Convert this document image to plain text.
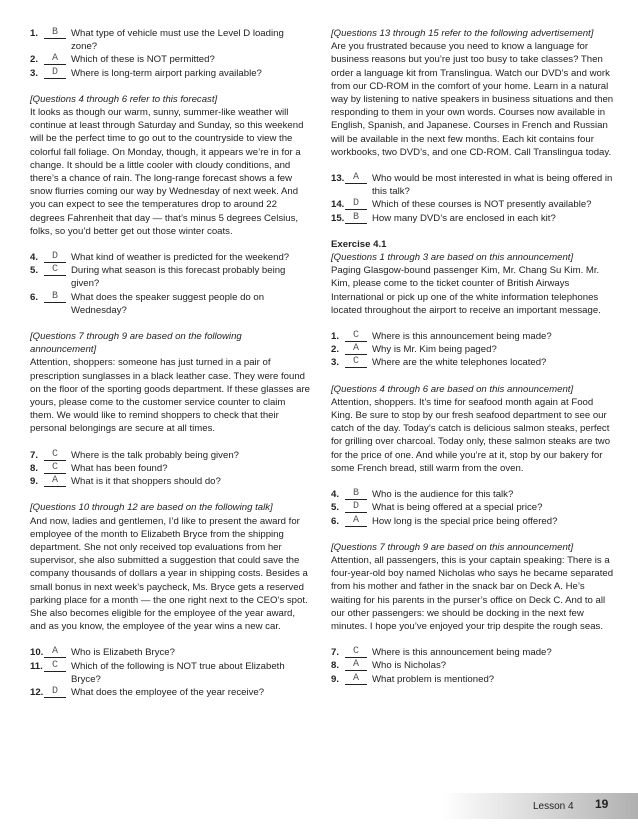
1.	B	What type of vehicle must use the Level D loading zone?
2.	A	Which of these is NOT permitted?
3.	D	Where is long-term airport parking available?

[Questions 4 through 6 refer to this forecast]

It looks as though our warm, sunny, summer-like weather will continue at least through Saturday and Sunday, so this weekend will be the perfect time to go out to the countryside to view the colorful fall foliage. On Monday, though, it appears we’re in for a change. It should be a little cooler with cloudy conditions, and there’s a chance of rain. The long-range forecast shows a few snow flurries coming our way by Wednesday of next week. And you can expect to see the temperatures drop to around 22 degrees Fahrenheit that day — that’s minus 5 degrees Celsius, folks, so you’d better get out those winter coats.

4.	D	What kind of weather is predicted for the weekend?
5.	C	During what season is this forecast probably being given?
6.	B	What does the speaker suggest people do on Wednesday?

[Questions 7 through 9 are based on the following announcement]

Attention, shoppers: someone has just turned in a pair of prescription sunglasses in a black leather case. They were found on the floor of the sporting goods department. If these glasses are yours, please come to the customer service counter to claim them. We would like to remind shoppers to check that their personal belongings are secure at all times.

7.	C	Where is the talk probably being given?
8.	C	What has been found?
9.	A	What is it that shoppers should do?

[Questions 10 through 12 are based on the following talk]

And now, ladies and gentlemen, I’d like to present the award for employee of the month to Elizabeth Bryce from the shipping department. She not only received top evaluations from her supervisor, she also submitted a suggestion that could save the company thousands of dollars a year in shipping costs. Besides a small bonus in next week’s paycheck, Ms. Bryce gets a reserved parking place for a month — the one right next to the CEO’s spot. She also becomes eligible for the employee of the year award, and as you know, the employee of the year wins a new car.

10. A	Who is Elizabeth Bryce?
11. C	Which of the following is NOT true about Elizabeth Bryce?
12. D	What does the employee of the year receive?

[Questions 13 through 15 refer to the following advertisement]

Are you frustrated because you need to know a language for business reasons but you’re just too busy to take classes? Then order a language kit from Translingua. Watch our DVD’s and work from our CD-ROM in the comfort of your home. Learn in a natural way by listening to native speakers in business situations and then responding to them in your own words. Courses now available in English, Spanish, and Japanese. Courses in French and Russian will be available in the next few months. Each kit contains four workbooks, two DVD’s, and one CD-ROM. Call Translingua today.

13. A	Who would be most interested in what is being offered in this talk?
14. D	Which of these courses is NOT presently available?
15. B	How many DVD’s are enclosed in each kit?

Exercise 4.1

[Questions 1 through 3 are based on this announcement]

Paging Glasgow-bound passenger Kim, Mr. Chang Su Kim. Mr. Kim, please come to the ticket counter of British Airways International or pick up one of the white information telephones located throughout the airport to receive an important message.

1.	C	Where is this announcement being made?
2.	A	Why is Mr. Kim being paged?
3.	C	Where are the white telephones located?

[Questions 4 through 6 are based on this announcement]

Attention, shoppers. It’s time for seafood month again at Food King. Be sure to stop by our fresh seafood department to see our catch of the day. Today’s catch is delicious salmon steaks, perfect for grilling over charcoal. Today only, these salmon steaks are two for the price of one. And while you’re at it, stop by our bakery for some French bread, still warm from the oven.

4.	B	Who is the audience for this talk?
5.	D	What is being offered at a special price?
6.	A	How long is the special price being offered?

[Questions 7 through 9 are based on this announcement]

Attention, all passengers, this is your captain speaking: There is a four-year-old boy named Nicholas who says he became separated from his mother and father in the snack bar on Deck A. He’s waiting for his parents in the purser’s office on Deck C. And to all our other passengers: we should be docking in the next few minutes. I hope you’ve enjoyed your trip despite the rough seas.

7.	C	Where is this announcement being made?
8.	A	Who is Nicholas?
9.	A	What problem is mentioned?
Lesson 4 19
